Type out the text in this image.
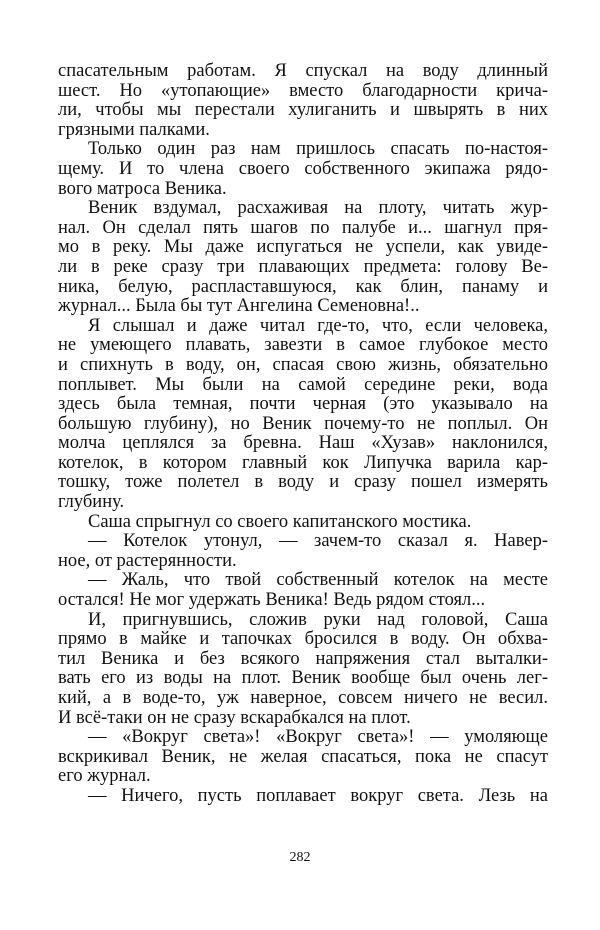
спасательным работам. Я спускал на воду длинный
шест. Но «утопающие» вместо благодарности крича-
ли, чтобы мы перестали хулиганить и швырять в них
грязными палками.
Только один раз нам пришлось спасать по-настоя-
щему. И то члена своего собственного экипажа рядо-
вого матроса Веника.
Веник вздумал, расхаживая на плоту, читать жур-
нал. Он сделал пять шагов по палубе и... шагнул пря-
мо в реку. Мы даже испугаться не успели, как увиде-
ли в реке сразу три плавающих предмета: голову Ве-
ника, белую, распластавшуюся, как блин, панаму и
журнал... Была бы тут Ангелина Семеновна!..
Я слышал и даже читал где-то, что, если человека,
не умеющего плавать, завезти в самое глубокое место
и спихнуть в воду, он, спасая свою жизнь, обязательно
поплывет. Мы были на самой середине реки, вода
здесь была темная, почти черная (это указывало на
большую глубину), но Веник почему-то не поплыл. Он
молча цеплялся за бревна. Наш «Хузав» наклонился,
котелок, в котором главный кок Липучка варила кар-
тошку, тоже полетел в воду и сразу пошел измерять
глубину.
Саша спрыгнул со своего капитанского мостика.
— Котелок утонул, — зачем-то сказал я. Навер-
ное, от растерянности.
— Жаль, что твой собственный котелок на месте
остался! Не мог удержать Веника! Ведь рядом стоял...
И, пригнувшись, сложив руки над головой, Саша
прямо в майке и тапочках бросился в воду. Он обхва-
тил Веника и без всякого напряжения стал выталки-
вать его из воды на плот. Веник вообще был очень лег-
кий, а в воде-то, уж наверное, совсем ничего не весил.
И всё-таки он не сразу вскарабкался на плот.
— «Вокруг света»! «Вокруг света»! — умоляюще
вскрикивал Веник, не желая спасаться, пока не спасут
его журнал.
— Ничего, пусть поплавает вокруг света. Лезь на
282
